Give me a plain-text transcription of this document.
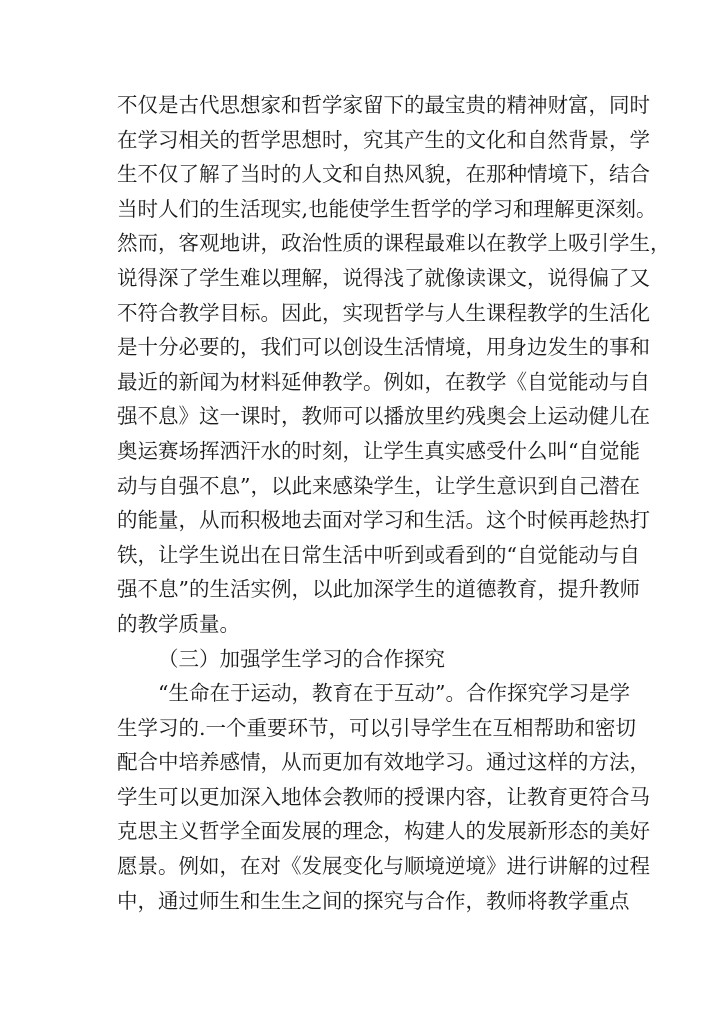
不仅是古代思想家和哲学家留下的最宝贵的精神财富，同时
在学习相关的哲学思想时，究其产生的文化和自然背景，学
生不仅了解了当时的人文和自热风貌，在那种情境下，结合
当时人们的生活现实,也能使学生哲学的学习和理解更深刻。
然而，客观地讲，政治性质的课程最难以在教学上吸引学生，
说得深了学生难以理解，说得浅了就像读课文，说得偏了又
不符合教学目标。因此，实现哲学与人生课程教学的生活化
是十分必要的，我们可以创设生活情境，用身边发生的事和
最近的新闻为材料延伸教学。例如，在教学《自觉能动与自
强不息》这一课时，教师可以播放里约残奥会上运动健儿在
奥运赛场挥洒汗水的时刻，让学生真实感受什么叫“自觉能
动与自强不息”，以此来感染学生，让学生意识到自己潜在
的能量，从而积极地去面对学习和生活。这个时候再趁热打
铁，让学生说出在日常生活中听到或看到的“自觉能动与自
强不息”的生活实例，以此加深学生的道德教育，提升教师
的教学质量。
（三）加强学生学习的合作探究
“生命在于运动，教育在于互动”。合作探究学习是学
生学习的.一个重要环节，可以引导学生在互相帮助和密切
配合中培养感情，从而更加有效地学习。通过这样的方法，
学生可以更加深入地体会教师的授课内容，让教育更符合马
克思主义哲学全面发展的理念，构建人的发展新形态的美好
愿景。例如，在对《发展变化与顺境逆境》进行讲解的过程
中，通过师生和生生之间的探究与合作，教师将教学重点
